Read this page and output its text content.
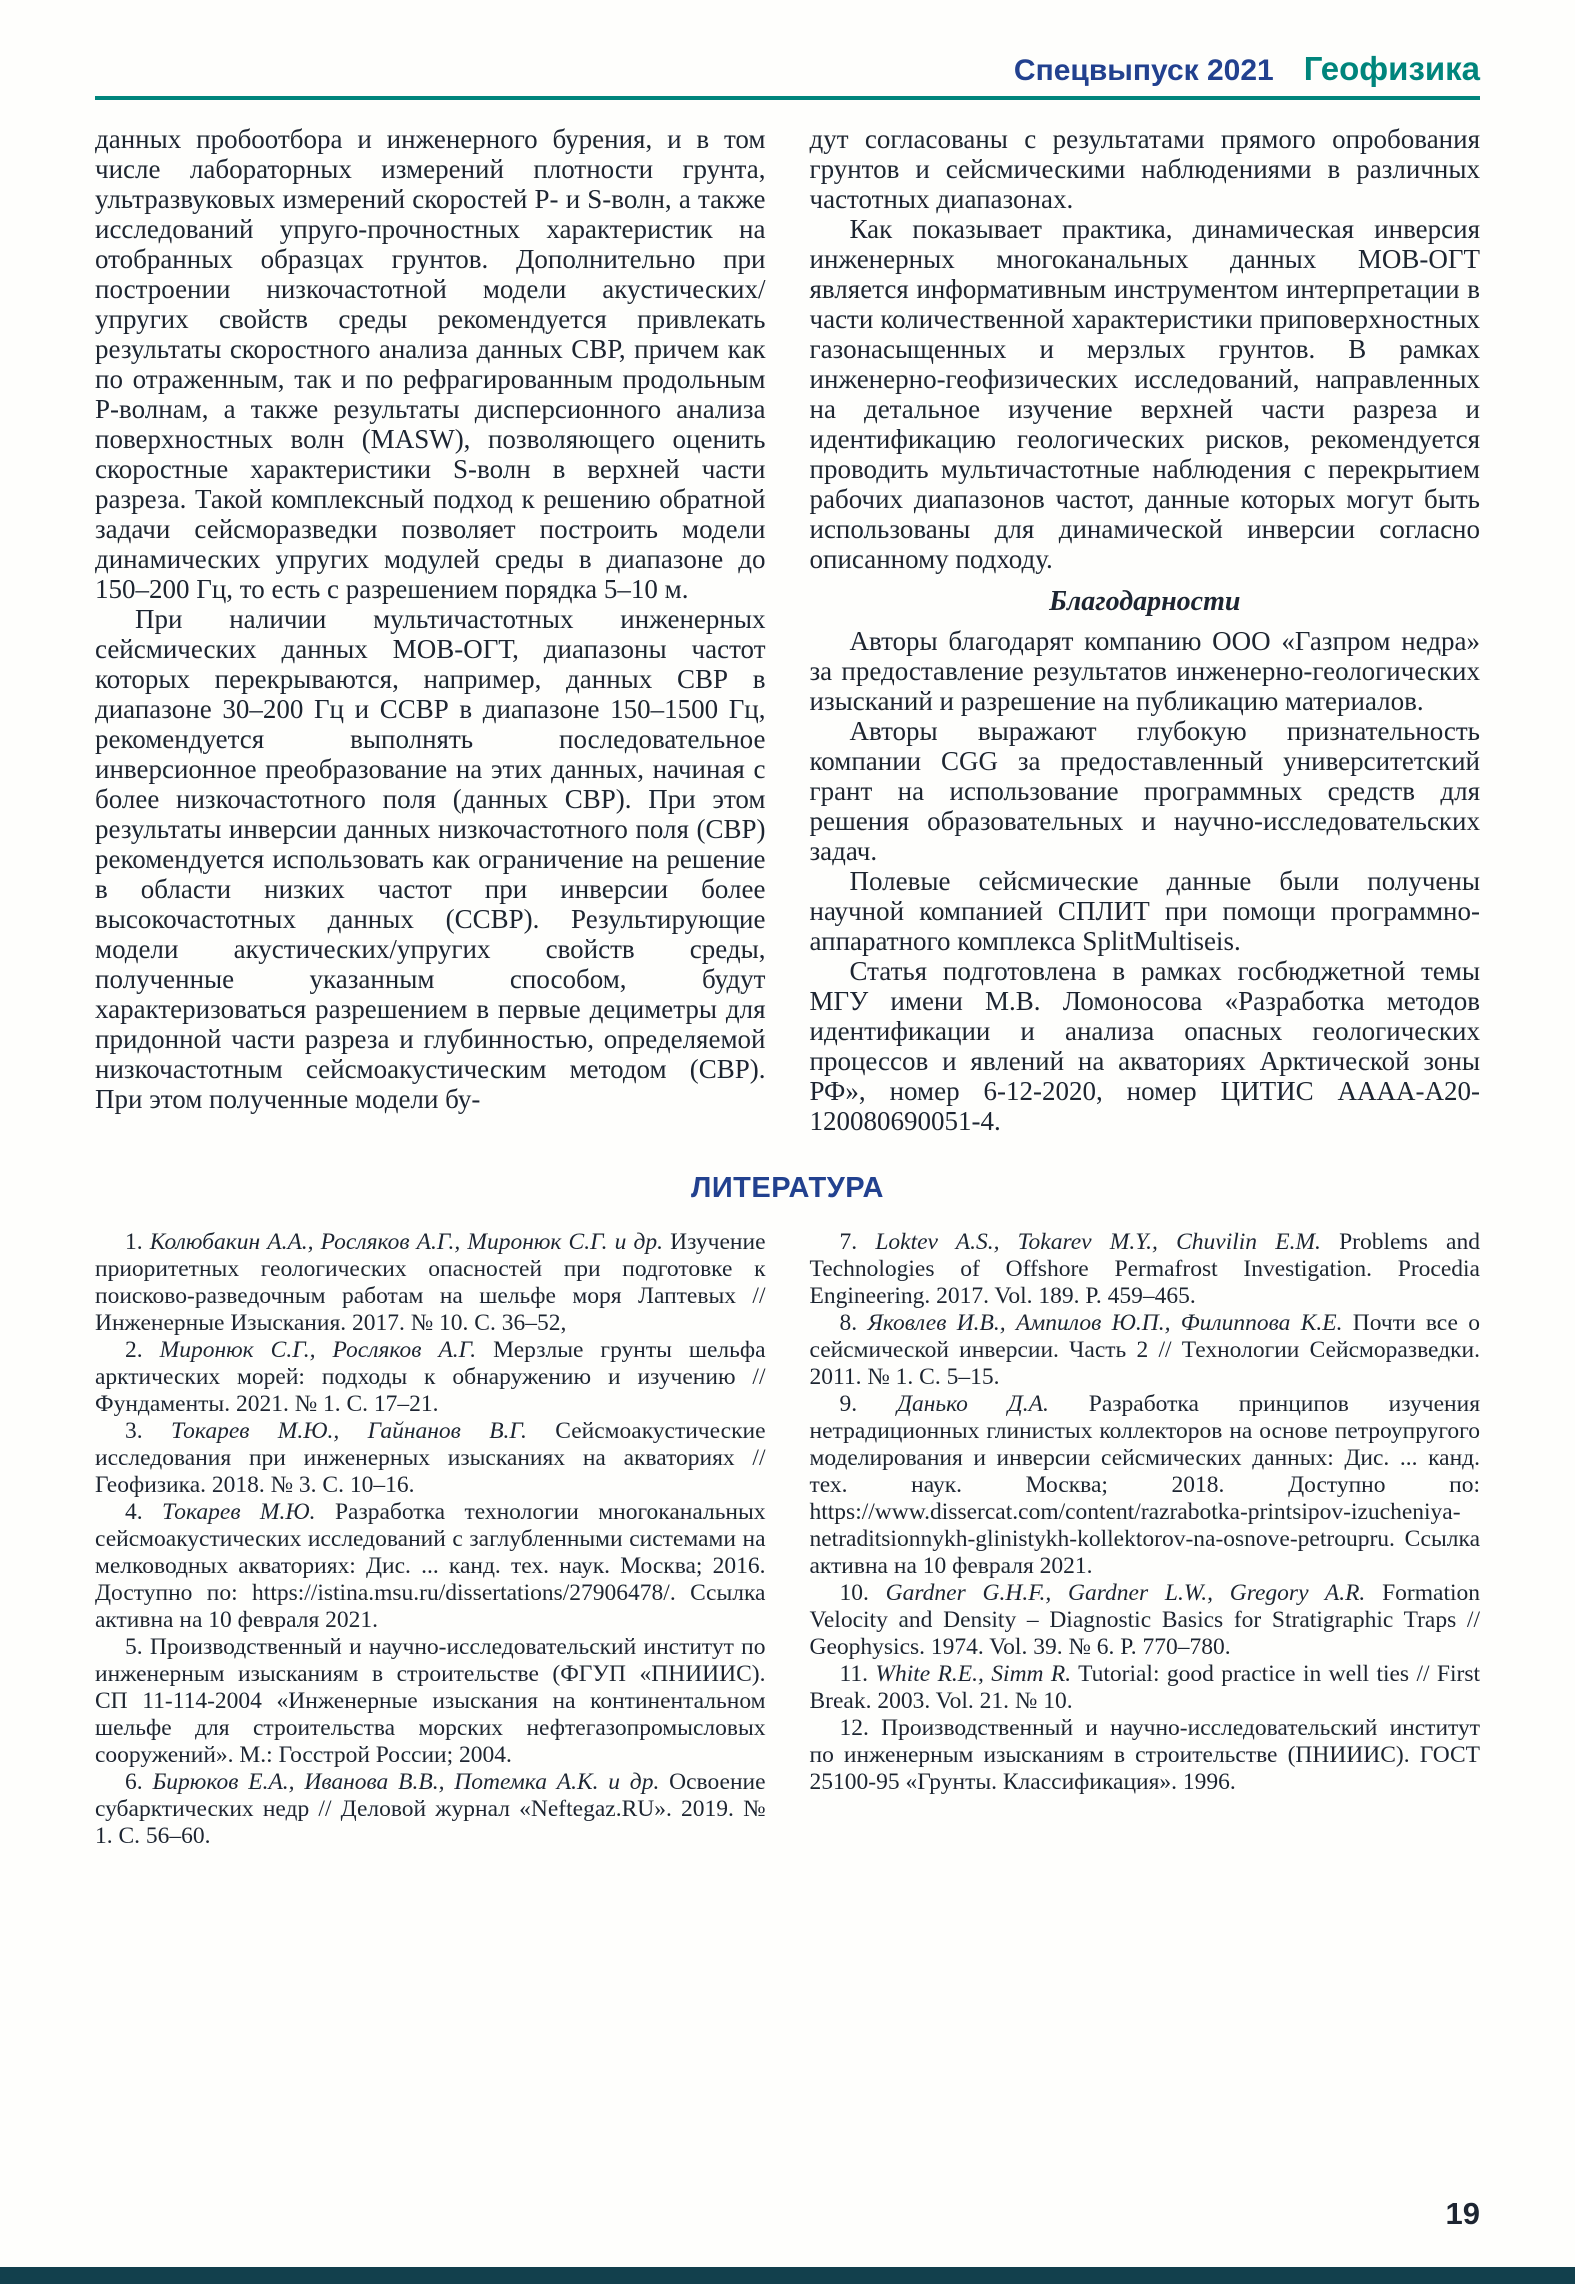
Спецвыпуск 2021 Геофизика

данных пробоотбора и инженерного бурения, и в том числе лабораторных измерений плотности грунта, ультразвуковых измерений скоростей P- и S-волн, а также исследований упруго-прочностных характеристик на отобранных образцах грунтов. Дополнительно при построении низкочастотной модели акустических/упругих свойств среды рекомендуется привлекать результаты скоростного анализа данных СВР, причем как по отраженным, так и по рефрагированным продольным P-волнам, а также результаты дисперсионного анализа поверхностных волн (MASW), позволяющего оценить скоростные характеристики S-волн в верхней части разреза. Такой комплексный подход к решению обратной задачи сейсморазведки позволяет построить модели динамических упругих модулей среды в диапазоне до 150–200 Гц, то есть с разрешением порядка 5–10 м.

При наличии мультичастотных инженерных сейсмических данных МОВ-ОГТ, диапазоны частот которых перекрываются, например, данных СВР в диапазоне 30–200 Гц и ССВР в диапазоне 150–1500 Гц, рекомендуется выполнять последовательное инверсионное преобразование на этих данных, начиная с более низкочастотного поля (данных СВР). При этом результаты инверсии данных низкочастотного поля (СВР) рекомендуется использовать как ограничение на решение в области низких частот при инверсии более высокочастотных данных (ССВР). Результирующие модели акустических/упругих свойств среды, полученные указанным способом, будут характеризоваться разрешением в первые дециметры для придонной части разреза и глубинностью, определяемой низкочастотным сейсмоакустическим методом (СВР). При этом полученные модели бу-

дут согласованы с результатами прямого опробования грунтов и сейсмическими наблюдениями в различных частотных диапазонах.

Как показывает практика, динамическая инверсия инженерных многоканальных данных МОВ-ОГТ является информативным инструментом интерпретации в части количественной характеристики приповерхностных газонасыщенных и мерзлых грунтов. В рамках инженерно-геофизических исследований, направленных на детальное изучение верхней части разреза и идентификацию геологических рисков, рекомендуется проводить мультичастотные наблюдения с перекрытием рабочих диапазонов частот, данные которых могут быть использованы для динамической инверсии согласно описанному подходу.

Благодарности

Авторы благодарят компанию ООО «Газпром недра» за предоставление результатов инженерно-геологических изысканий и разрешение на публикацию материалов.

Авторы выражают глубокую признательность компании CGG за предоставленный университетский грант на использование программных средств для решения образовательных и научно-исследовательских задач.

Полевые сейсмические данные были получены научной компанией СПЛИТ при помощи программно-аппаратного комплекса SplitMultiseis.

Статья подготовлена в рамках госбюджетной темы МГУ имени М.В. Ломоносова «Разработка методов идентификации и анализа опасных геологических процессов и явлений на акваториях Арктической зоны РФ», номер 6-12-2020, номер ЦИТИС АААА-А20-120080690051-4.

ЛИТЕРАТУРА

1. Колюбакин А.А., Росляков А.Г., Миронюк С.Г. и др. Изучение приоритетных геологических опасностей при подготовке к поисково-разведочным работам на шельфе моря Лаптевых // Инженерные Изыскания. 2017. № 10. С. 36–52,

2. Миронюк С.Г., Росляков А.Г. Мерзлые грунты шельфа арктических морей: подходы к обнаружению и изучению // Фундаменты. 2021. № 1. С. 17–21.

3. Токарев М.Ю., Гайнанов В.Г. Сейсмоакустические исследования при инженерных изысканиях на акваториях // Геофизика. 2018. № 3. С. 10–16.

4. Токарев М.Ю. Разработка технологии многоканальных сейсмоакустических исследований с заглубленными системами на мелководных акваториях: Дис. ... канд. тех. наук. Москва; 2016. Доступно по: https://istina.msu.ru/dissertations/27906478/. Ссылка активна на 10 февраля 2021.

5. Производственный и научно-исследовательский институт по инженерным изысканиям в строительстве (ФГУП «ПНИИИС). СП 11-114-2004 «Инженерные изыскания на континентальном шельфе для строительства морских нефтегазопромысловых сооружений». М.: Госстрой России; 2004.

6. Бирюков Е.А., Иванова В.В., Потемка А.К. и др. Освоение субарктических недр // Деловой журнал «Neftegaz.RU». 2019. № 1. С. 56–60.

7. Loktev A.S., Tokarev M.Y., Chuvilin E.M. Problems and Technologies of Offshore Permafrost Investigation. Procedia Engineering. 2017. Vol. 189. P. 459–465.

8. Яковлев И.В., Ампилов Ю.П., Филиппова К.Е. Почти все о сейсмической инверсии. Часть 2 // Технологии Сейсморазведки. 2011. № 1. С. 5–15.

9. Данько Д.А. Разработка принципов изучения нетрадиционных глинистых коллекторов на основе петроупругого моделирования и инверсии сейсмических данных: Дис. ... канд. тех. наук. Москва; 2018. Доступно по: https://www.dissercat.com/content/razrabotka-printsipov-izucheniya-netraditsionnykh-glinistykh-kollektorov-na-osnove-petroupru. Ссылка активна на 10 февраля 2021.

10. Gardner G.H.F., Gardner L.W., Gregory A.R. Formation Velocity and Density – Diagnostic Basics for Stratigraphic Traps // Geophysics. 1974. Vol. 39. № 6. P. 770–780.

11. White R.E., Simm R. Tutorial: good practice in well ties // First Break. 2003. Vol. 21. № 10.

12. Производственный и научно-исследовательский институт по инженерным изысканиям в строительстве (ПНИИИС). ГОСТ 25100-95 «Грунты. Классификация». 1996.

19
